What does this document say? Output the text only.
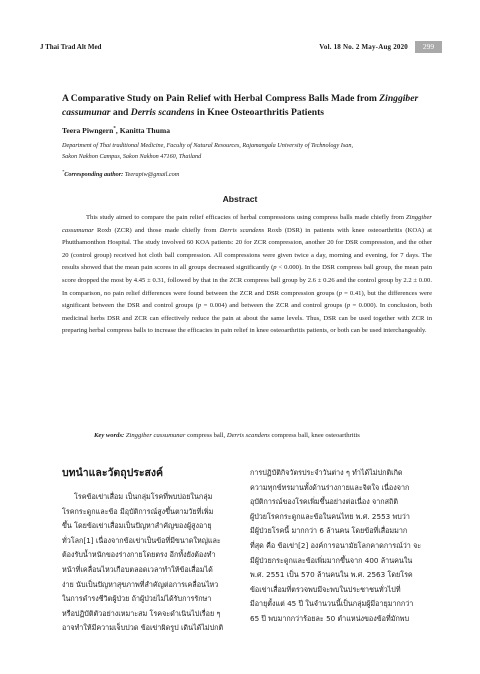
J Thai Trad Alt Med	Vol. 18 No. 2 May-Aug 2020	299
A Comparative Study on Pain Relief with Herbal Compress Balls Made from Zinggiber cassumunar and Derris scandens in Knee Osteoarthritis Patients
Teera Piwngern*, Kanitta Thuma
Department of Thai traditional Medicine, Faculty of Natural Resources, Rajamangala University of Technology Isan,
Sakon Nakhon Campus, Sakon Nakhon 47160, Thailand
*Corresponding author: Teerapiw@gmail.com
Abstract

This study aimed to compare the pain relief efficacies of herbal compressions using compress balls made chiefly from Zinggiber cassumunar Roxb (ZCR) and those made chiefly from Derris scandens Roxb (DSR) in patients with knee osteoarthritis (KOA) at Phutthamonthon Hospital. The study involved 60 KOA patients: 20 for ZCR compression, another 20 for DSR compression, and the other 20 (control group) received hot cloth ball compression. All compressions were given twice a day, morning and evening, for 7 days. The results showed that the mean pain scores in all groups decreased significantly (p < 0.000). In the DSR compress ball group, the mean pain score dropped the most by 4.45 ± 0.31, followed by that in the ZCR compress ball group by 2.6 ± 0.26 and the control group by 2.2 ± 0.00. In comparison, no pain relief differences were found between the ZCR and DSR compression groups (p = 0.41), but the differences were significant between the DSR and control groups (p = 0.004) and between the ZCR and control groups (p = 0.000). In conclusion, both medicinal herbs DSR and ZCR can effectively reduce the pain at about the same levels. Thus, DSR can be used together with ZCR in preparing herbal compress balls to increase the efficacies in pain relief in knee osteoarthritis patients, or both can be used interchangeably.

Key words: Zinggiber cassumunar compress ball, Derris scandens compress ball, knee osteoarthritis
บทนำและวัตถุประสงค์
โรคข้อเข่าเสื่อม เป็นกลุ่มโรคที่พบบ่อยในกลุ่ม
โรคกระดูกและข้อ มีอุบัติการณ์สูงขึ้นตามวัยที่เพิ่ม
ขึ้น โดยข้อเข่าเสื่อมเป็นปัญหาสำคัญของผู้สูงอายุ
ทั่วโลก[1] เนื่องจากข้อเข่าเป็นข้อที่มีขนาดใหญ่และ
ต้องรับน้ำหนักของร่างกายโดยตรง อีกทั้งยังต้องทำ
หน้าที่เคลื่อนไหวเกือบตลอดเวลาทำให้ข้อเสื่อมได้
ง่าย นับเป็นปัญหาสุขภาพที่สำคัญต่อการเคลื่อนไหว
ในการดำรงชีวิตผู้ป่วย ถ้าผู้ป่วยไม่ได้รับการรักษา
หรือปฏิบัติตัวอย่างเหมาะสม โรคจะดำเนินไปเรื่อย ๆ
อาจทำให้มีความเจ็บปวด ข้อเข่าผิดรูป เดินได้ไม่ปกติ
การปฏิบัติกิจวัตรประจำวันต่าง ๆ ทำได้ไม่ปกติเกิด
ความทุกข์ทรมานทั้งด้านร่างกายและจิตใจ เนื่องจาก
อุบัติการณ์ของโรคเพิ่มขึ้นอย่างต่อเนื่อง จากสถิติ
ผู้ป่วยโรคกระดูกและข้อในคนไทย พ.ศ. 2553 พบว่า
มีผู้ป่วยโรคนี้ มากกว่า 6 ล้านคน โดยข้อที่เสื่อมมาก
ที่สุด คือ ข้อเข่า[2] องค์การอนามัยโลกคาดการณ์ว่า จะ
มีผู้ป่วยกระดูกและข้อเพิ่มมากขึ้นจาก 400 ล้านคนใน
พ.ศ. 2551 เป็น 570 ล้านคนใน พ.ศ. 2563 โดยโรค
ข้อเข่าเสื่อมที่ตรวจพบมีจะพบในประชาชนทั่วไปที่
มีอายุตั้งแต่ 45 ปี ในจำนวนนี้เป็นกลุ่มผู้มีอายุมากกว่า
65 ปี พบมากกว่าร้อยละ 50 ตำแหน่งของข้อที่มักพบ
